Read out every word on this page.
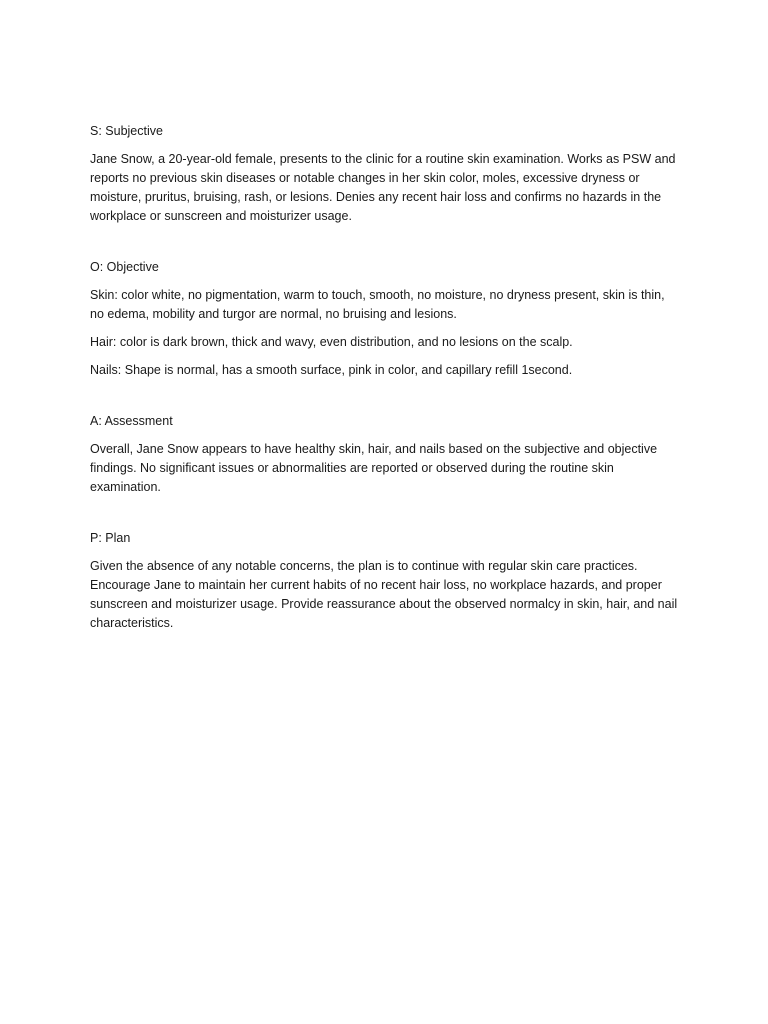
S: Subjective

Jane Snow, a 20-year-old female, presents to the clinic for a routine skin examination. Works as PSW and reports no previous skin diseases or notable changes in her skin color, moles, excessive dryness or moisture, pruritus, bruising, rash, or lesions. Denies any recent hair loss and confirms no hazards in the workplace or sunscreen and moisturizer usage.

O: Objective

Skin: color white, no pigmentation, warm to touch, smooth, no moisture, no dryness present, skin is thin, no edema, mobility and turgor are normal, no bruising and lesions.

Hair: color is dark brown, thick and wavy, even distribution, and no lesions on the scalp.

Nails: Shape is normal, has a smooth surface, pink in color, and capillary refill 1second.

A: Assessment

Overall, Jane Snow appears to have healthy skin, hair, and nails based on the subjective and objective findings. No significant issues or abnormalities are reported or observed during the routine skin examination.

P: Plan

Given the absence of any notable concerns, the plan is to continue with regular skin care practices. Encourage Jane to maintain her current habits of no recent hair loss, no workplace hazards, and proper sunscreen and moisturizer usage. Provide reassurance about the observed normalcy in skin, hair, and nail characteristics.
